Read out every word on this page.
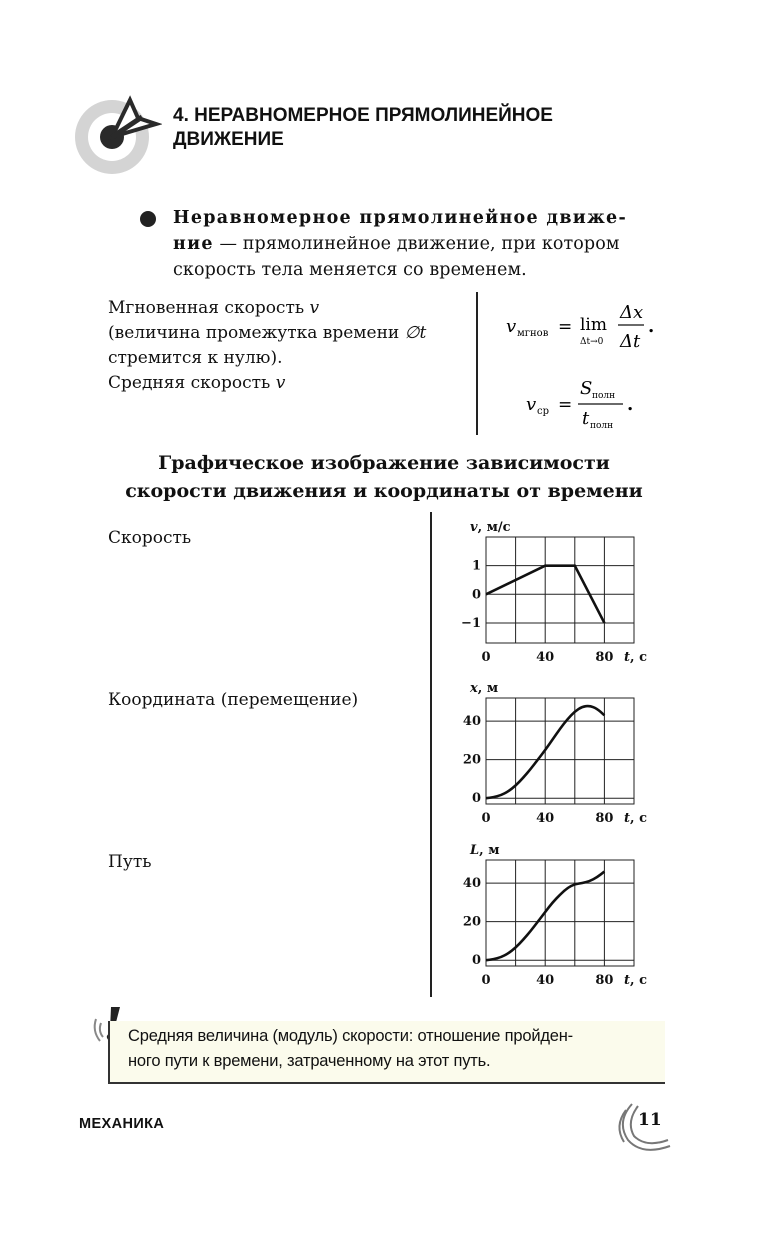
4. НЕРАВНОМЕРНОЕ ПРЯМОЛИНЕЙНОЕ
ДВИЖЕНИЕ
Неравномерное прямолинейное движе-
ние — прямолинейное движение, при котором
скорость тела меняется со временем.
Мгновенная скорость v
(величина промежутка времени ∅t
стремится к нулю).
Средняя скорость v
v мгнов = lim
Δt→0
Δx
Δt
.
v ср =
S полн
t полн
.
Графическое изображение зависимости
скорости движения и координаты от времени
Скорость
Координата (перемещение)
Путь
1
0
−1
0	40	80
v, м/с
t, с
40
20
0
0	40	80
x, м
t, с
40
20
0
0	40	80
L, м
t, с
Средняя величина (модуль) скорости: отношение пройден-
ного пути к времени, затраченному на этот путь.
МЕХАНИКА	11
